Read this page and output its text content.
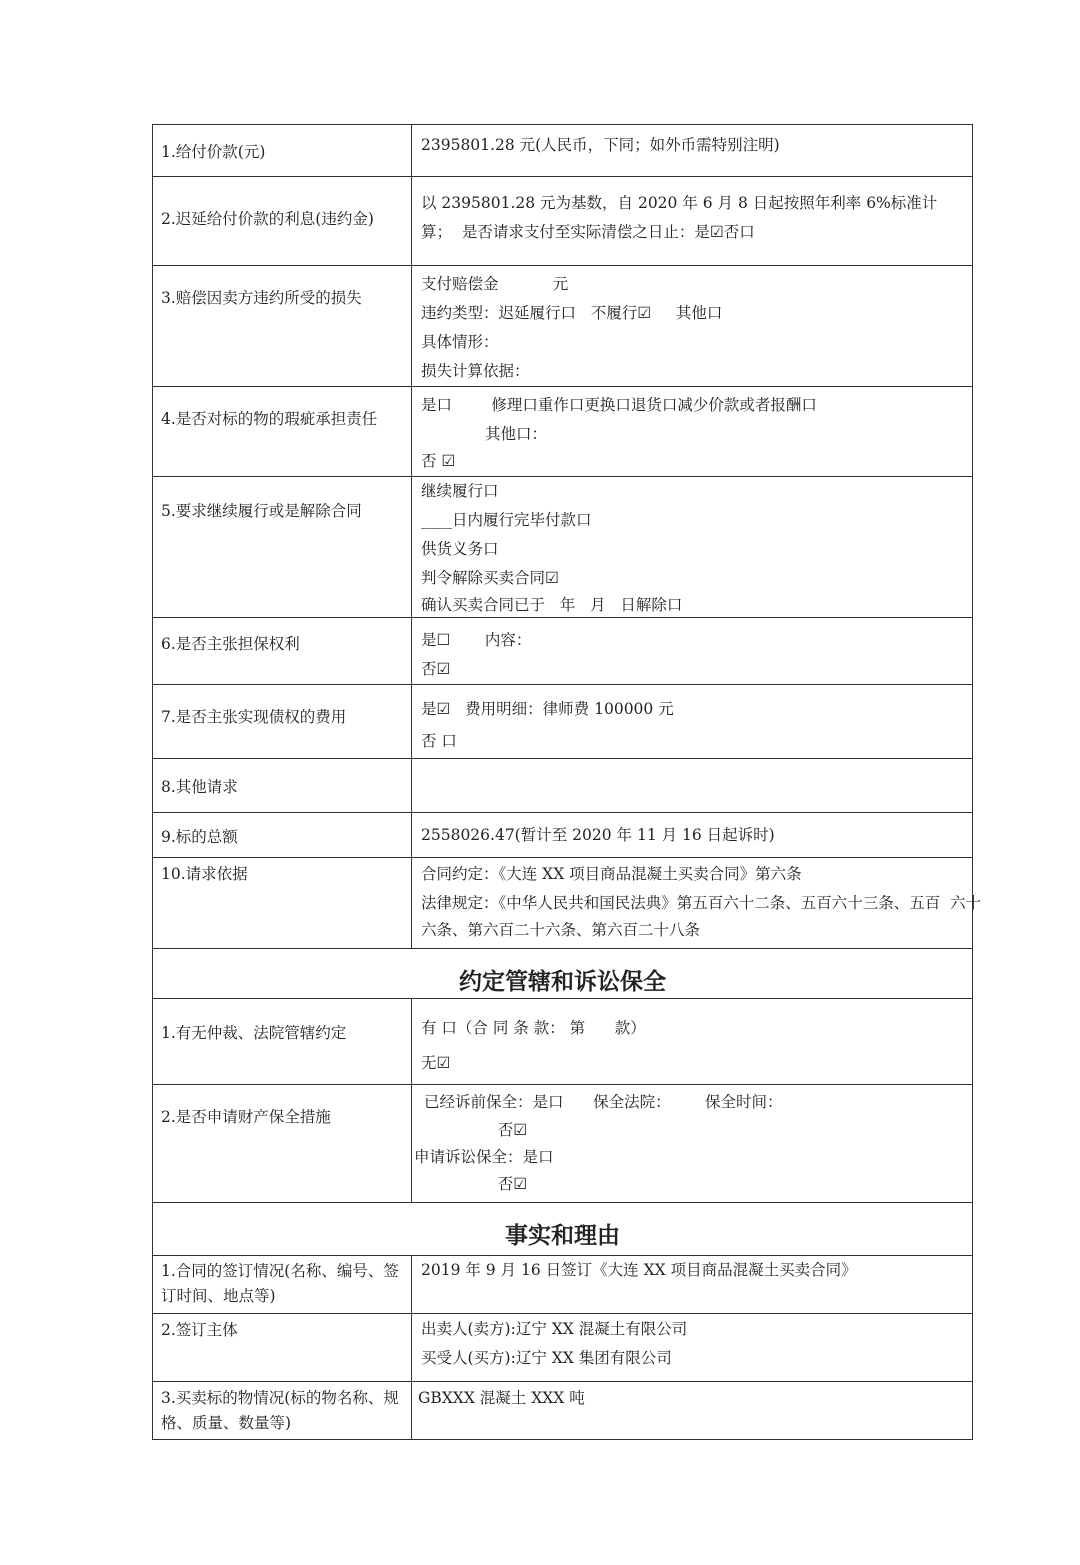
1.给付价款(元)	2395801.28 元(人民币，下同；如外币需特别注明)

2.迟延给付价款的利息(违约金)	以 2395801.28 元为基数，自 2020 年 6 月 8 日起按照年利率 6%标准计
算；  是否请求支付至实际清偿之日止：是☑否口

3.赔偿因卖方违约所受的损失	支付赔偿金           元
违约类型：迟延履行口   不履行☑     其他口
具体情形：
损失计算依据：

4.是否对标的物的瑕疵承担责任	是口        修理口重作口更换口退货口减少价款或者报酬口
其他口：
否 ☑

5.要求继续履行或是解除合同	继续履行口
____日内履行完毕付款口
供货义务口
判令解除买卖合同☑
确认买卖合同已于   年   月   日解除口

6.是否主张担保权利	是☐       内容：
否☑

7.是否主张实现债权的费用	是☑   费用明细：律师费 100000 元
否 口

8.其他请求	
9.标的总额	2558026.47(暂计至 2020 年 11 月 16 日起诉时)

10.请求依据	合同约定：《大连 XX 项目商品混凝土买卖合同》第六条
法律规定：《中华人民共和国民法典》第五百六十二条、五百六十三条、五百  六十
六条、第六百二十六条、第六百二十八条

约定管辖和诉讼保全	
1.有无仲裁、法院管辖约定	有 口（合 同 条 款： 第      款）
无☑

2.是否申请财产保全措施	已经诉前保全：是口      保全法院：       保全时间：
否☑
申请诉讼保全：是口
否☑

事实和理由	
1.合同的签订情况(名称、编号、签订时间、地点等)	2019 年 9 月 16 日签订《大连 XX 项目商品混凝土买卖合同》

2.签订主体	出卖人(卖方):辽宁 XX 混凝土有限公司
买受人(买方):辽宁 XX 集团有限公司

3.买卖标的物情况(标的物名称、规格、质量、数量等)	GBXXX 混凝土 XXX 吨
